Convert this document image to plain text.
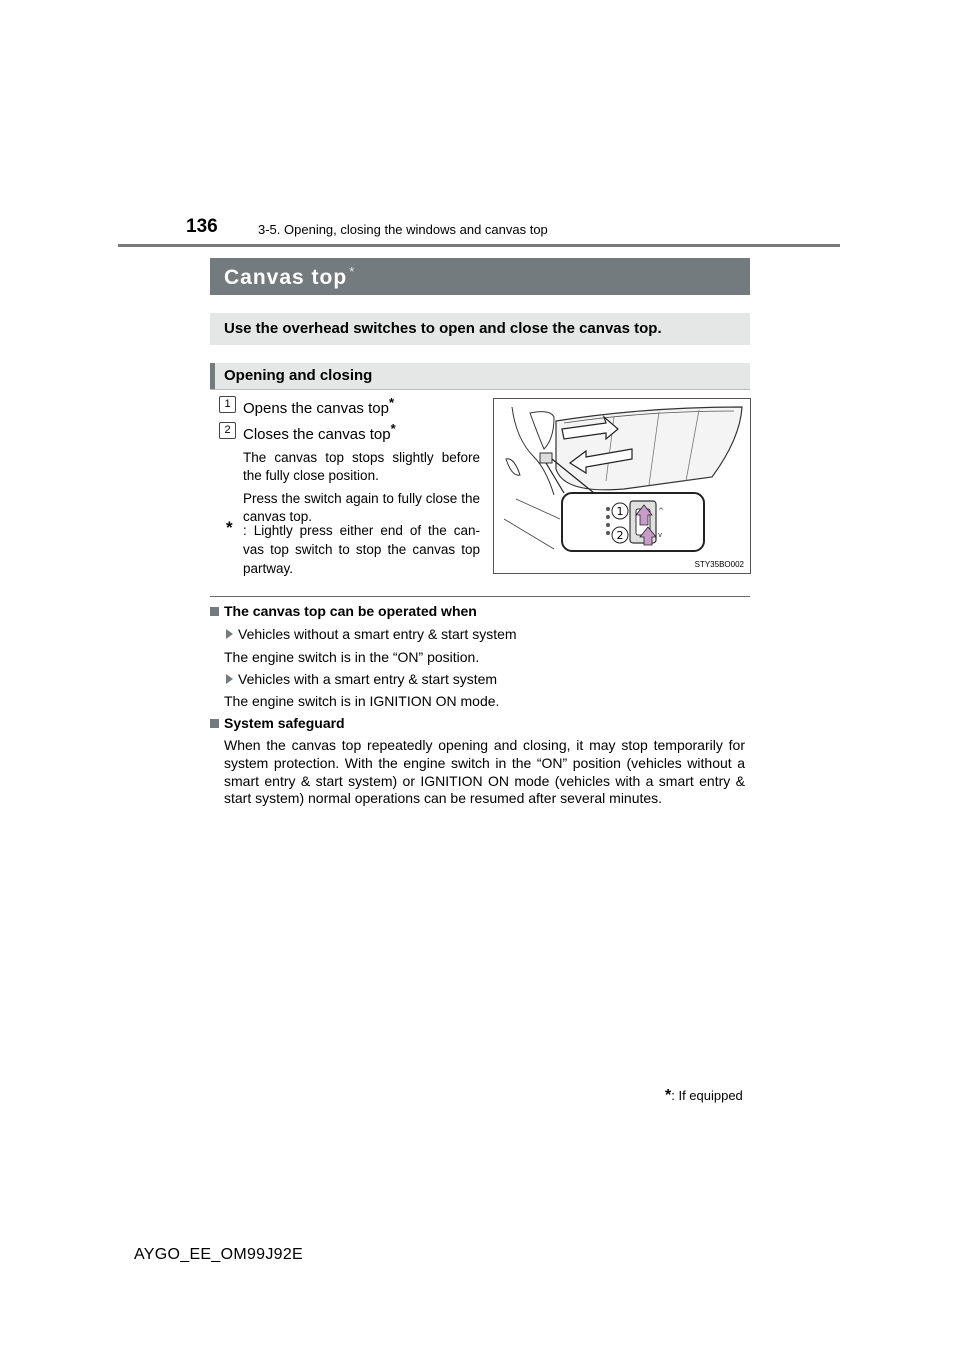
136	3-5. Opening, closing the windows and canvas top
Canvas top *
Use the overhead switches to open and close the canvas top.
Opening and closing
1 Opens the canvas top*
2 Closes the canvas top*
The canvas top stops slightly before the fully close position.
Press the switch again to fully close the canvas top.
* : Lightly press either end of the can- vas top switch to stop the canvas top partway.
^
v
1
2
STY35BO002
The canvas top can be operated when
Vehicles without a smart entry & start system
The engine switch is in the “ON” position.
Vehicles with a smart entry & start system
The engine switch is in IGNITION ON mode.
System safeguard
When the canvas top repeatedly opening and closing, it may stop temporarily for system protection. With the engine switch in the “ON” position (vehicles without a smart entry & start system) or IGNITION ON mode (vehicles with a smart entry & start system) normal operations can be resumed after several minutes.
*: If equipped
AYGO_EE_OM99J92E
